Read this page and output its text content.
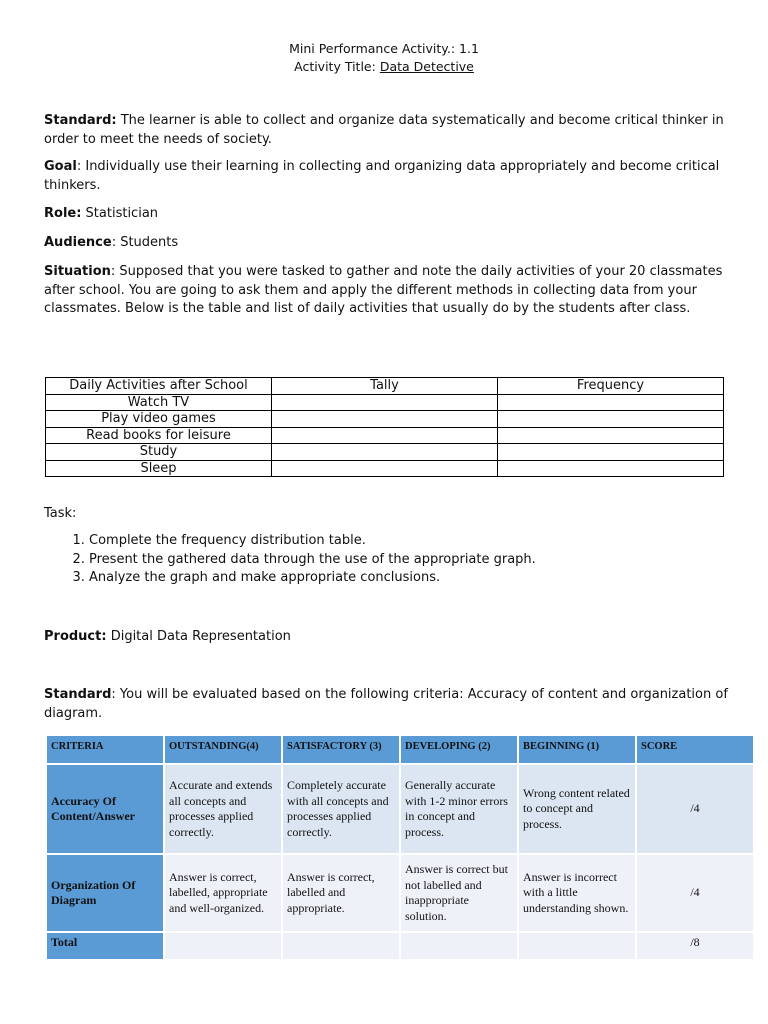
Mini Performance Activity.: 1.1
Activity Title: Data Detective
Standard: The learner is able to collect and organize data systematically and become critical thinker in order to meet the needs of society.
Goal: Individually use their learning in collecting and organizing data appropriately and become critical thinkers.
Role: Statistician
Audience: Students
Situation: Supposed that you were tasked to gather and note the daily activities of your 20 classmates after school. You are going to ask them and apply the different methods in collecting data from your classmates. Below is the table and list of daily activities that usually do by the students after class.
Daily Activities after School	Tally	Frequency
Watch TV		
Play video games		
Read books for leisure		
Study		
Sleep		
Task:
1. Complete the frequency distribution table.
2. Present the gathered data through the use of the appropriate graph.
3. Analyze the graph and make appropriate conclusions.
Product: Digital Data Representation
Standard: You will be evaluated based on the following criteria: Accuracy of content and organization of diagram.
CRITERIA	OUTSTANDING(4)	SATISFACTORY (3)	DEVELOPING (2)	BEGINNING (1)	SCORE
Accuracy Of Content/Answer	Accurate and extends all concepts and processes applied correctly.	Completely accurate with all concepts and processes applied correctly.	Generally accurate with 1-2 minor errors in concept and process.	Wrong content related to concept and process.	/4
Organization Of Diagram	Answer is correct, labelled, appropriate and well-organized.	Answer is correct, labelled and appropriate.	Answer is correct but not labelled and inappropriate solution.	Answer is incorrect with a little understanding shown.	/4
Total					/8
